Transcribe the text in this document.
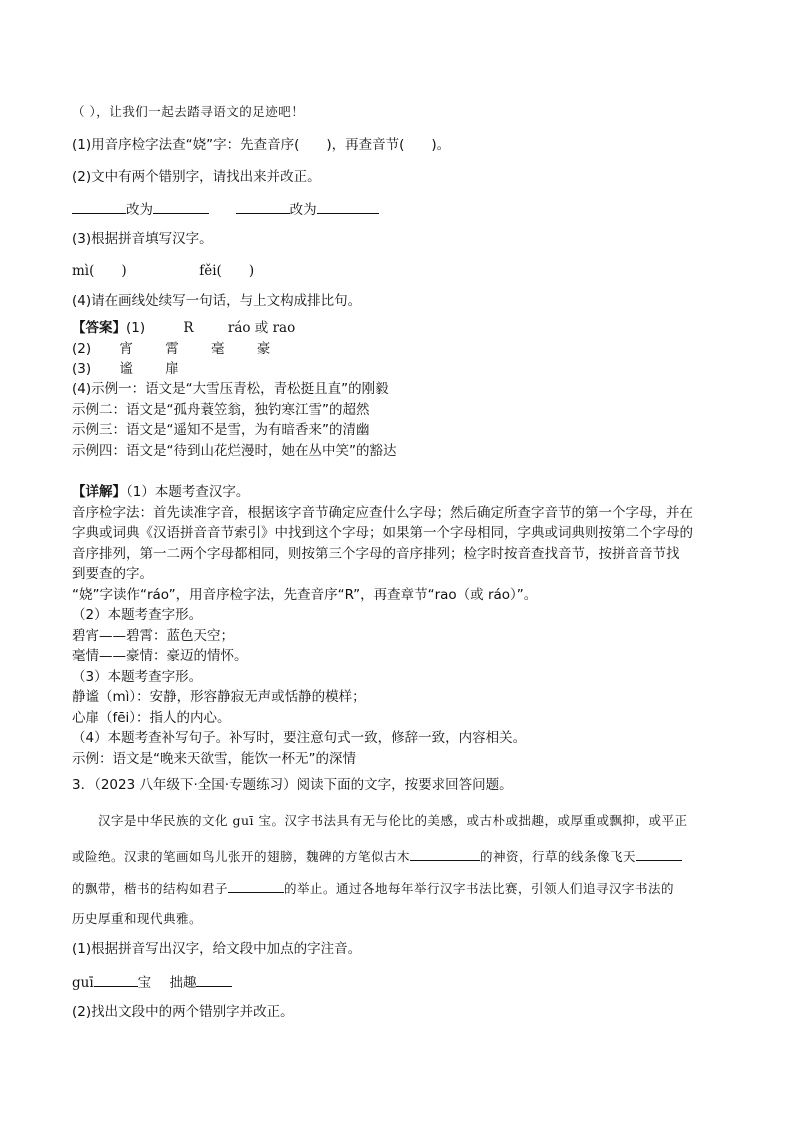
（ ），让我们一起去踏寻语文的足迹吧！
(1)用音序检字法查“娆”字：先查音序(　　)，再查音节(　　)。
(2)文中有两个错别字，请找出来并改正。
改为	改为
(3)根据拼音填写汉字。
mì(　　)	fěi(　　)
(4)请在画线处续写一句话，与上文构成排比句。
【答案】(1)	R	ráo 或 rao
(2) 宵 霄 毫 豪
(3) 谧 扉
(4)示例一：语文是“大雪压青松，青松挺且直”的刚毅
示例二：语文是“孤舟蓑笠翁，独钓寒江雪”的超然
示例三：语文是“遥知不是雪，为有暗香来”的清幽
示例四：语文是“待到山花烂漫时，她在丛中笑”的豁达
【详解】（1）本题考查汉字。
音序检字法：首先读准字音，根据该字音节确定应查什么字母；然后确定所查字音节的第一个字母，并在
字典或词典《汉语拼音音节索引》中找到这个字母；如果第一个字母相同，字典或词典则按第二个字母的
音序排列，第一二两个字母都相同，则按第三个字母的音序排列；检字时按音查找音节，按拼音音节找
到要查的字。
“娆”字读作“ráo”，用音序检字法，先查音序“R”，再查章节“rao（或 ráo）”。
（2）本题考查字形。
碧宵——碧霄：蓝色天空；
毫情——豪情：豪迈的情怀。
（3）本题考查字形。
静谧（mì）：安静，形容静寂无声或恬静的模样；
心扉（fēi）：指人的内心。
（4）本题考查补写句子。补写时，要注意句式一致，修辞一致，内容相关。
示例：语文是“晚来天欲雪，能饮一杯无”的深情
3．（2023 八年级下·全国·专题练习）阅读下面的文字，按要求回答问题。
汉字是中华民族的文化 guī 宝。汉字书法具有无与伦比的美感，或古朴或拙趣，或厚重或飘抑，或平正
或险绝。汉隶的笔画如鸟儿张开的翅膀，魏碑的方笔似古木	的神资，行草的线条像飞天
的飘带，楷书的结构如君子	的举止。通过各地每年举行汉字书法比赛，引领人们追寻汉字书法的
历史厚重和现代典雅。
(1)根据拼音写出汉字，给文段中加点的字注音。
guī	宝 拙趣
(2)找出文段中的两个错别字并改正。
